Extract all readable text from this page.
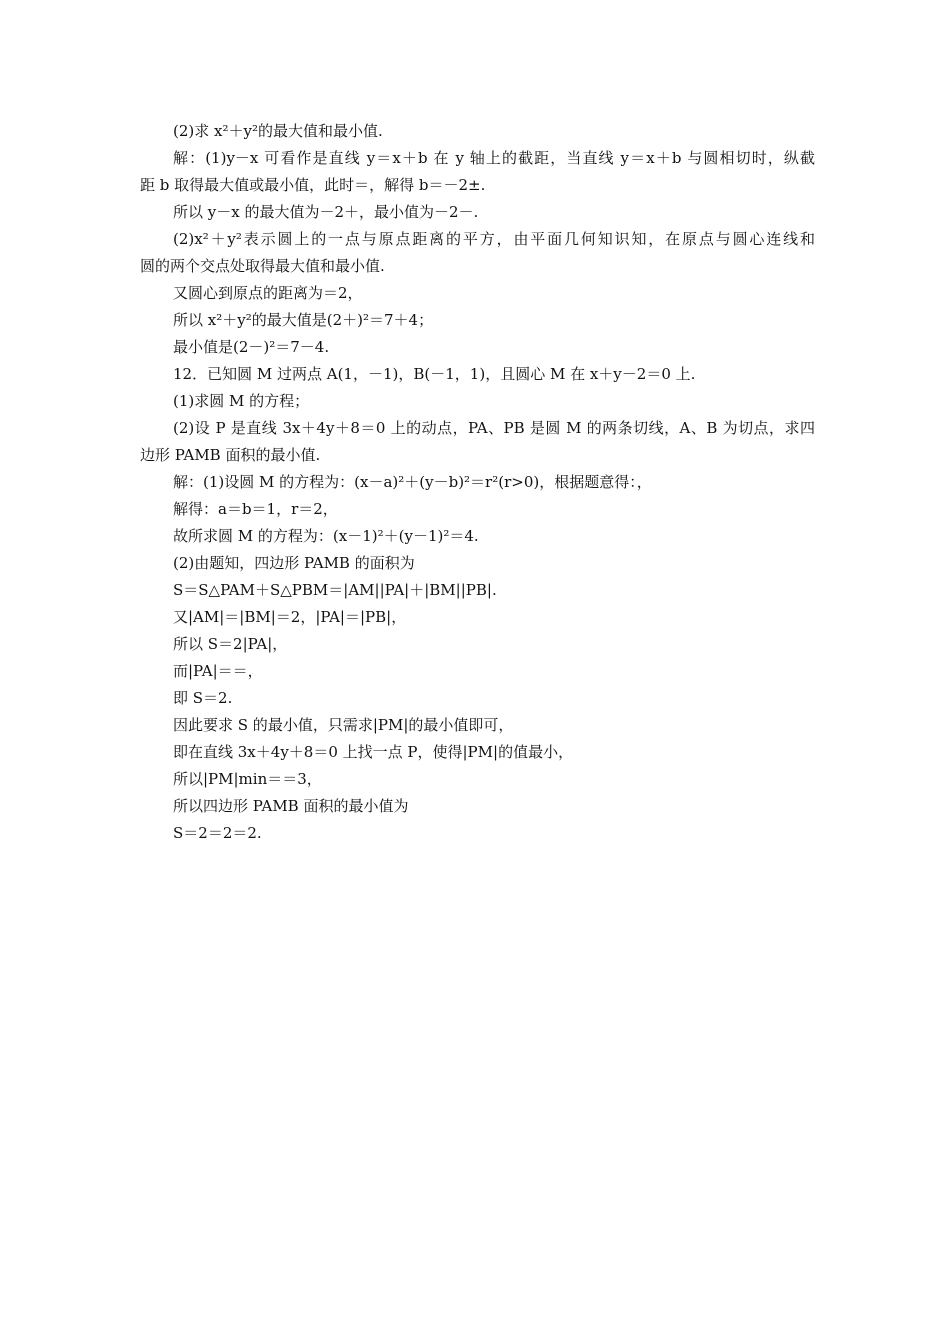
(2)求 x²＋y²的最大值和最小值.

解：(1)y－x 可看作是直线 y＝x＋b 在 y 轴上的截距，当直线 y＝x＋b 与圆相切时，纵截

距 b 取得最大值或最小值，此时＝，解得 b＝－2±.

所以 y－x 的最大值为－2＋，最小值为－2－.

(2)x²＋y²表示圆上的一点与原点距离的平方，由平面几何知识知，在原点与圆心连线和

圆的两个交点处取得最大值和最小值.

又圆心到原点的距离为＝2，

所以 x²＋y²的最大值是(2＋)²＝7＋4；

最小值是(2－)²＝7－4.

12．已知圆 M 过两点 A(1，－1)，B(－1，1)，且圆心 M 在 x＋y－2＝0 上.

(1)求圆 M 的方程；

(2)设 P 是直线 3x＋4y＋8＝0 上的动点，PA、PB 是圆 M 的两条切线，A、B 为切点，求四

边形 PAMB 面积的最小值.

解：(1)设圆 M 的方程为：(x－a)²＋(y－b)²＝r²(r>0)，根据题意得：，

解得：a＝b＝1，r＝2，

故所求圆 M 的方程为：(x－1)²＋(y－1)²＝4.

(2)由题知，四边形 PAMB 的面积为

S＝S△PAM＋S△PBM＝|AM||PA|＋|BM||PB|.

又|AM|＝|BM|＝2，|PA|＝|PB|，

所以 S＝2|PA|，

而|PA|＝＝，

即 S＝2.

因此要求 S 的最小值，只需求|PM|的最小值即可，

即在直线 3x＋4y＋8＝0 上找一点 P，使得|PM|的值最小，

所以|PM|min＝＝3，

所以四边形 PAMB 面积的最小值为

S＝2＝2＝2.
